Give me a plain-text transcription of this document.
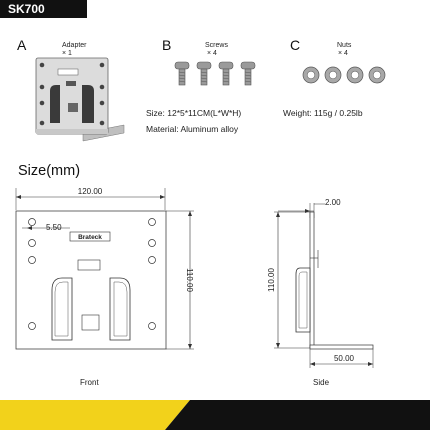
SK700
A	Adapter
× 1
B	Screws
× 4
C	Nuts
× 4
Size: 12*5*11CM(L*W*H)
Material: Aluminum alloy
Weight: 115g / 0.25lb
Size(mm)
120.00
5.50
Brateck
110.00
2.00
110.00
50.00
Front	Side
